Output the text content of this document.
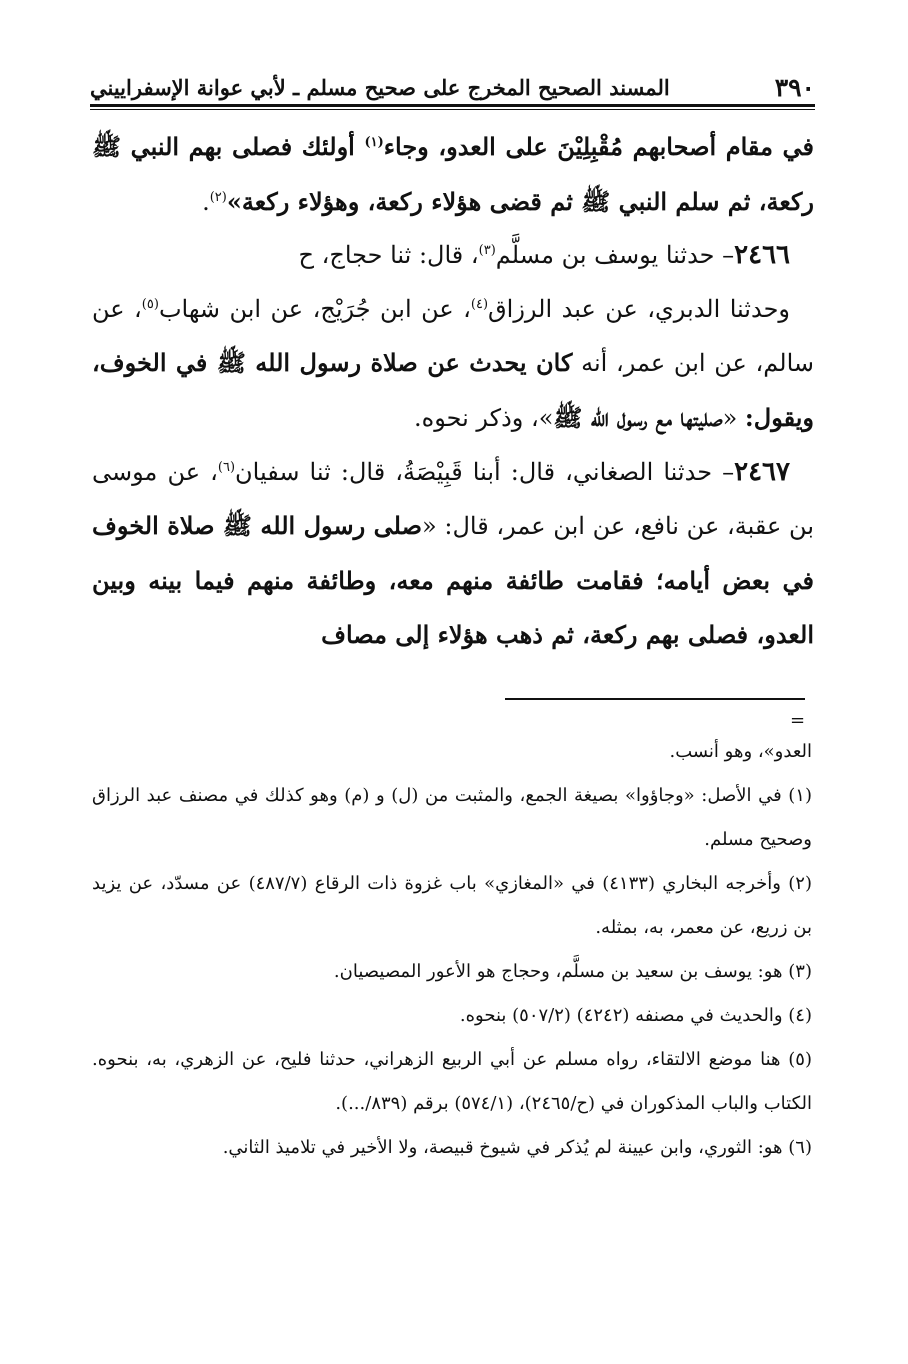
٣٩٠
المسند الصحيح المخرج على صحيح مسلم ـ لأبي عوانة الإسفراييني

في مقام أصحابهم مُقْبِلِيْنَ على العدو، وجاء$^{(١)}$ أولئك فصلى بهم النبي ﷺ ركعة، ثم سلم النبي ﷺ ثم قضى هؤلاء ركعة، وهؤلاء ركعة»$^{(٢)}$.

 ٢٤٦٦– حدثنا يوسف بن مسلَّم$^{(٣)}$، قال: ثنا حجاج، ح

 وحدثنا الدبري، عن عبد الرزاق$^{(٤)}$، عن ابن جُرَيْج، عن ابن شهاب$^{(٥)}$، عن سالم، عن ابن عمر، أنه كان يحدث عن صلاة رسول الله ﷺ في الخوف، ويقول: «صليتها مع رسول الله ﷺ»، وذكر نحوه.

 ٢٤٦٧– حدثنا الصغاني، قال: أبنا قَبِيْصَةُ، قال: ثنا سفيان$^{(٦)}$، عن موسى بن عقبة، عن نافع، عن ابن عمر، قال: «صلى رسول الله ﷺ صلاة الخوف في بعض أيامه؛ فقامت طائفة منهم معه، وطائفة منهم فيما بينه وبين العدو، فصلى بهم ركعة، ثم ذهب هؤلاء إلى مصاف

=

العدو»، وهو أنسب.

(١) في الأصل: «وجاؤوا» بصيغة الجمع، والمثبت من (ل) و (م) وهو كذلك في مصنف عبد الرزاق وصحيح مسلم.

(٢) وأخرجه البخاري (٤١٣٣) في «المغازي» باب غزوة ذات الرقاع (٤٨٧/٧) عن مسدّد، عن يزيد بن زريع، عن معمر، به، بمثله.

(٣) هو: يوسف بن سعيد بن مسلَّم، وحجاج هو الأعور المصيصيان.

(٤) والحديث في مصنفه (٤٢٤٢) (٥٠٧/٢) بنحوه.

(٥) هنا موضع الالتقاء، رواه مسلم عن أبي الربيع الزهراني، حدثنا فليح، عن الزهري، به، بنحوه. الكتاب والباب المذكوران في (ح/٢٤٦٥)، (٥٧٤/١) برقم (٨٣٩/...).

(٦) هو: الثوري، وابن عيينة لم يُذكر في شيوخ قبيصة، ولا الأخير في تلاميذ الثاني.
